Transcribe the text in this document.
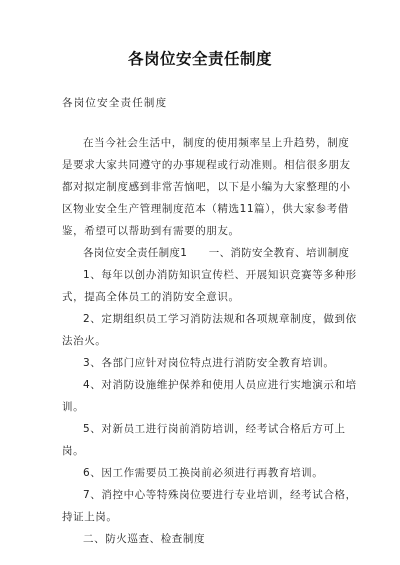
各岗位安全责任制度
各岗位安全责任制度

在当今社会生活中，制度的使用频率呈上升趋势，制度是要求大家共同遵守的办事规程或行动准则。相信很多朋友都对拟定制度感到非常苦恼吧，以下是小编为大家整理的小区物业安全生产管理制度范本（精选11篇），供大家参考借鉴，希望可以帮助到有需要的朋友。

各岗位安全责任制度1　　一、消防安全教育、培训制度

1、每年以创办消防知识宣传栏、开展知识竞赛等多种形式，提高全体员工的消防安全意识。

2、定期组织员工学习消防法规和各项规章制度，做到依法治火。

3、各部门应针对岗位特点进行消防安全教育培训。

4、对消防设施维护保养和使用人员应进行实地演示和培训。

5、对新员工进行岗前消防培训，经考试合格后方可上岗。

6、因工作需要员工换岗前必须进行再教育培训。

7、消控中心等特殊岗位要进行专业培训，经考试合格，持证上岗。

二、防火巡查、检查制度
